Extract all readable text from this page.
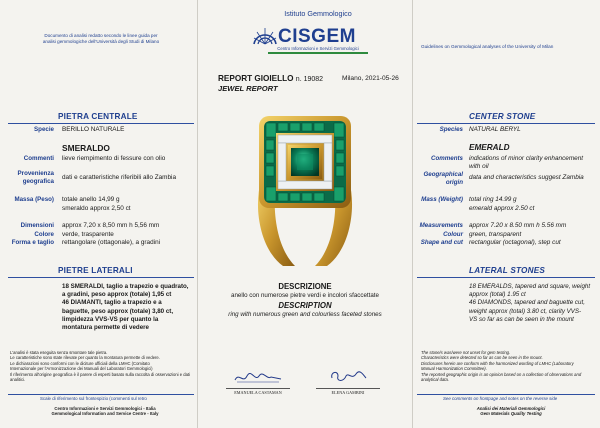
Documento di analisi redatto secondo le linee guida per
analisi gemmologiche dell'Università degli Studi di Milano
PIETRA CENTRALE
Specie BERILLO NATURALE
SMERALDO
Commenti lieve riempimento di fessure con olio
Provenienza
geografica
dati e caratteristiche riferibili allo Zambia
Massa (Peso) totale anello 14,99 g
smeraldo approx 2,50 ct
Dimensioni
Colore
Forma e taglio
approx 7,20 x 8,50 mm h 5,56 mm
verde, trasparente
rettangolare (ottagonale), a gradini
PIETRE LATERALI
18 SMERALDI, taglio a trapezio e quadrato,
a gradini, peso approx (totale) 1,95 ct
46 DIAMANTI, taglio a trapezio e a
baguette, peso approx (totale) 3,80 ct,
limpidezza VVS-VS per quanto la
montatura permette di vedere
L'analisi è stata eseguita senza smontare tale pietra.
Le caratteristiche sono state rilevate per quanto la montatura permette di vedere.
Le dichiarazioni sono conformi con le diciture ufficiali della LMHC (Comitato
Internazionale per l'Armonizzazione dei Manuali del Laboratori Gemmologici)
Il riferimento all'origine geografica è il parere di esperti basato sulla raccolta di osservazioni e dati analitici.
Scale di riferimento sul frontespizio (commenti sul retro
Centro Informazioni e Servizi Gemmologici - Italia
Gemmological Information and Service Centre - Italy
Istituto Gemmologico
CISGEM
Centro Informazioni e Servizi Gemmologici
REPORT GIOIELLO n. 19082	Milano, 2021-05-26
JEWEL REPORT
DESCRIZIONE
anello con numerose pietre verdi e incolori sfaccettate
DESCRIPTION
ring with numerous green and colourless faceted stones
EMANUELA CASTAMAN	ELENA GAMBINI
Guidelines on Gemmological analyses of the University of Milan
CENTER STONE
Species NATURAL BERYL
EMERALD
Comments indications of minor clarity enhancement
with oil
Geographical
origin
data and characteristics suggest Zambia
Mass (Weight) total ring 14.99 g
emerald approx 2.50 ct
Measurements
Colour
Shape and cut
approx 7.20 x 8.50 mm h 5.56 mm
green, transparent
rectangular (octagonal), step cut
LATERAL STONES
18 EMERALDS, tapered and square, weight
approx (total) 1.95 ct
46 DIAMONDS, tapered and baguette cut,
weight approx (total) 3.80 ct, clarity VVS-
VS so far as can be seen in the mount
The stone/s was/were not unset for gem testing.
Characteristics were detected so far as can be seen in the mount.
Disclosures herein are conform with the harmonized wording of LMHC (Laboratory
Manual Harmonization Committee).
The reported geographic origin is an opinion based on a collection of observations and
analytical data.
See comments on frontpage and notes on the reverse side
Analisi dei Materiali Gemmologici
Gem Materials Quality Testing
